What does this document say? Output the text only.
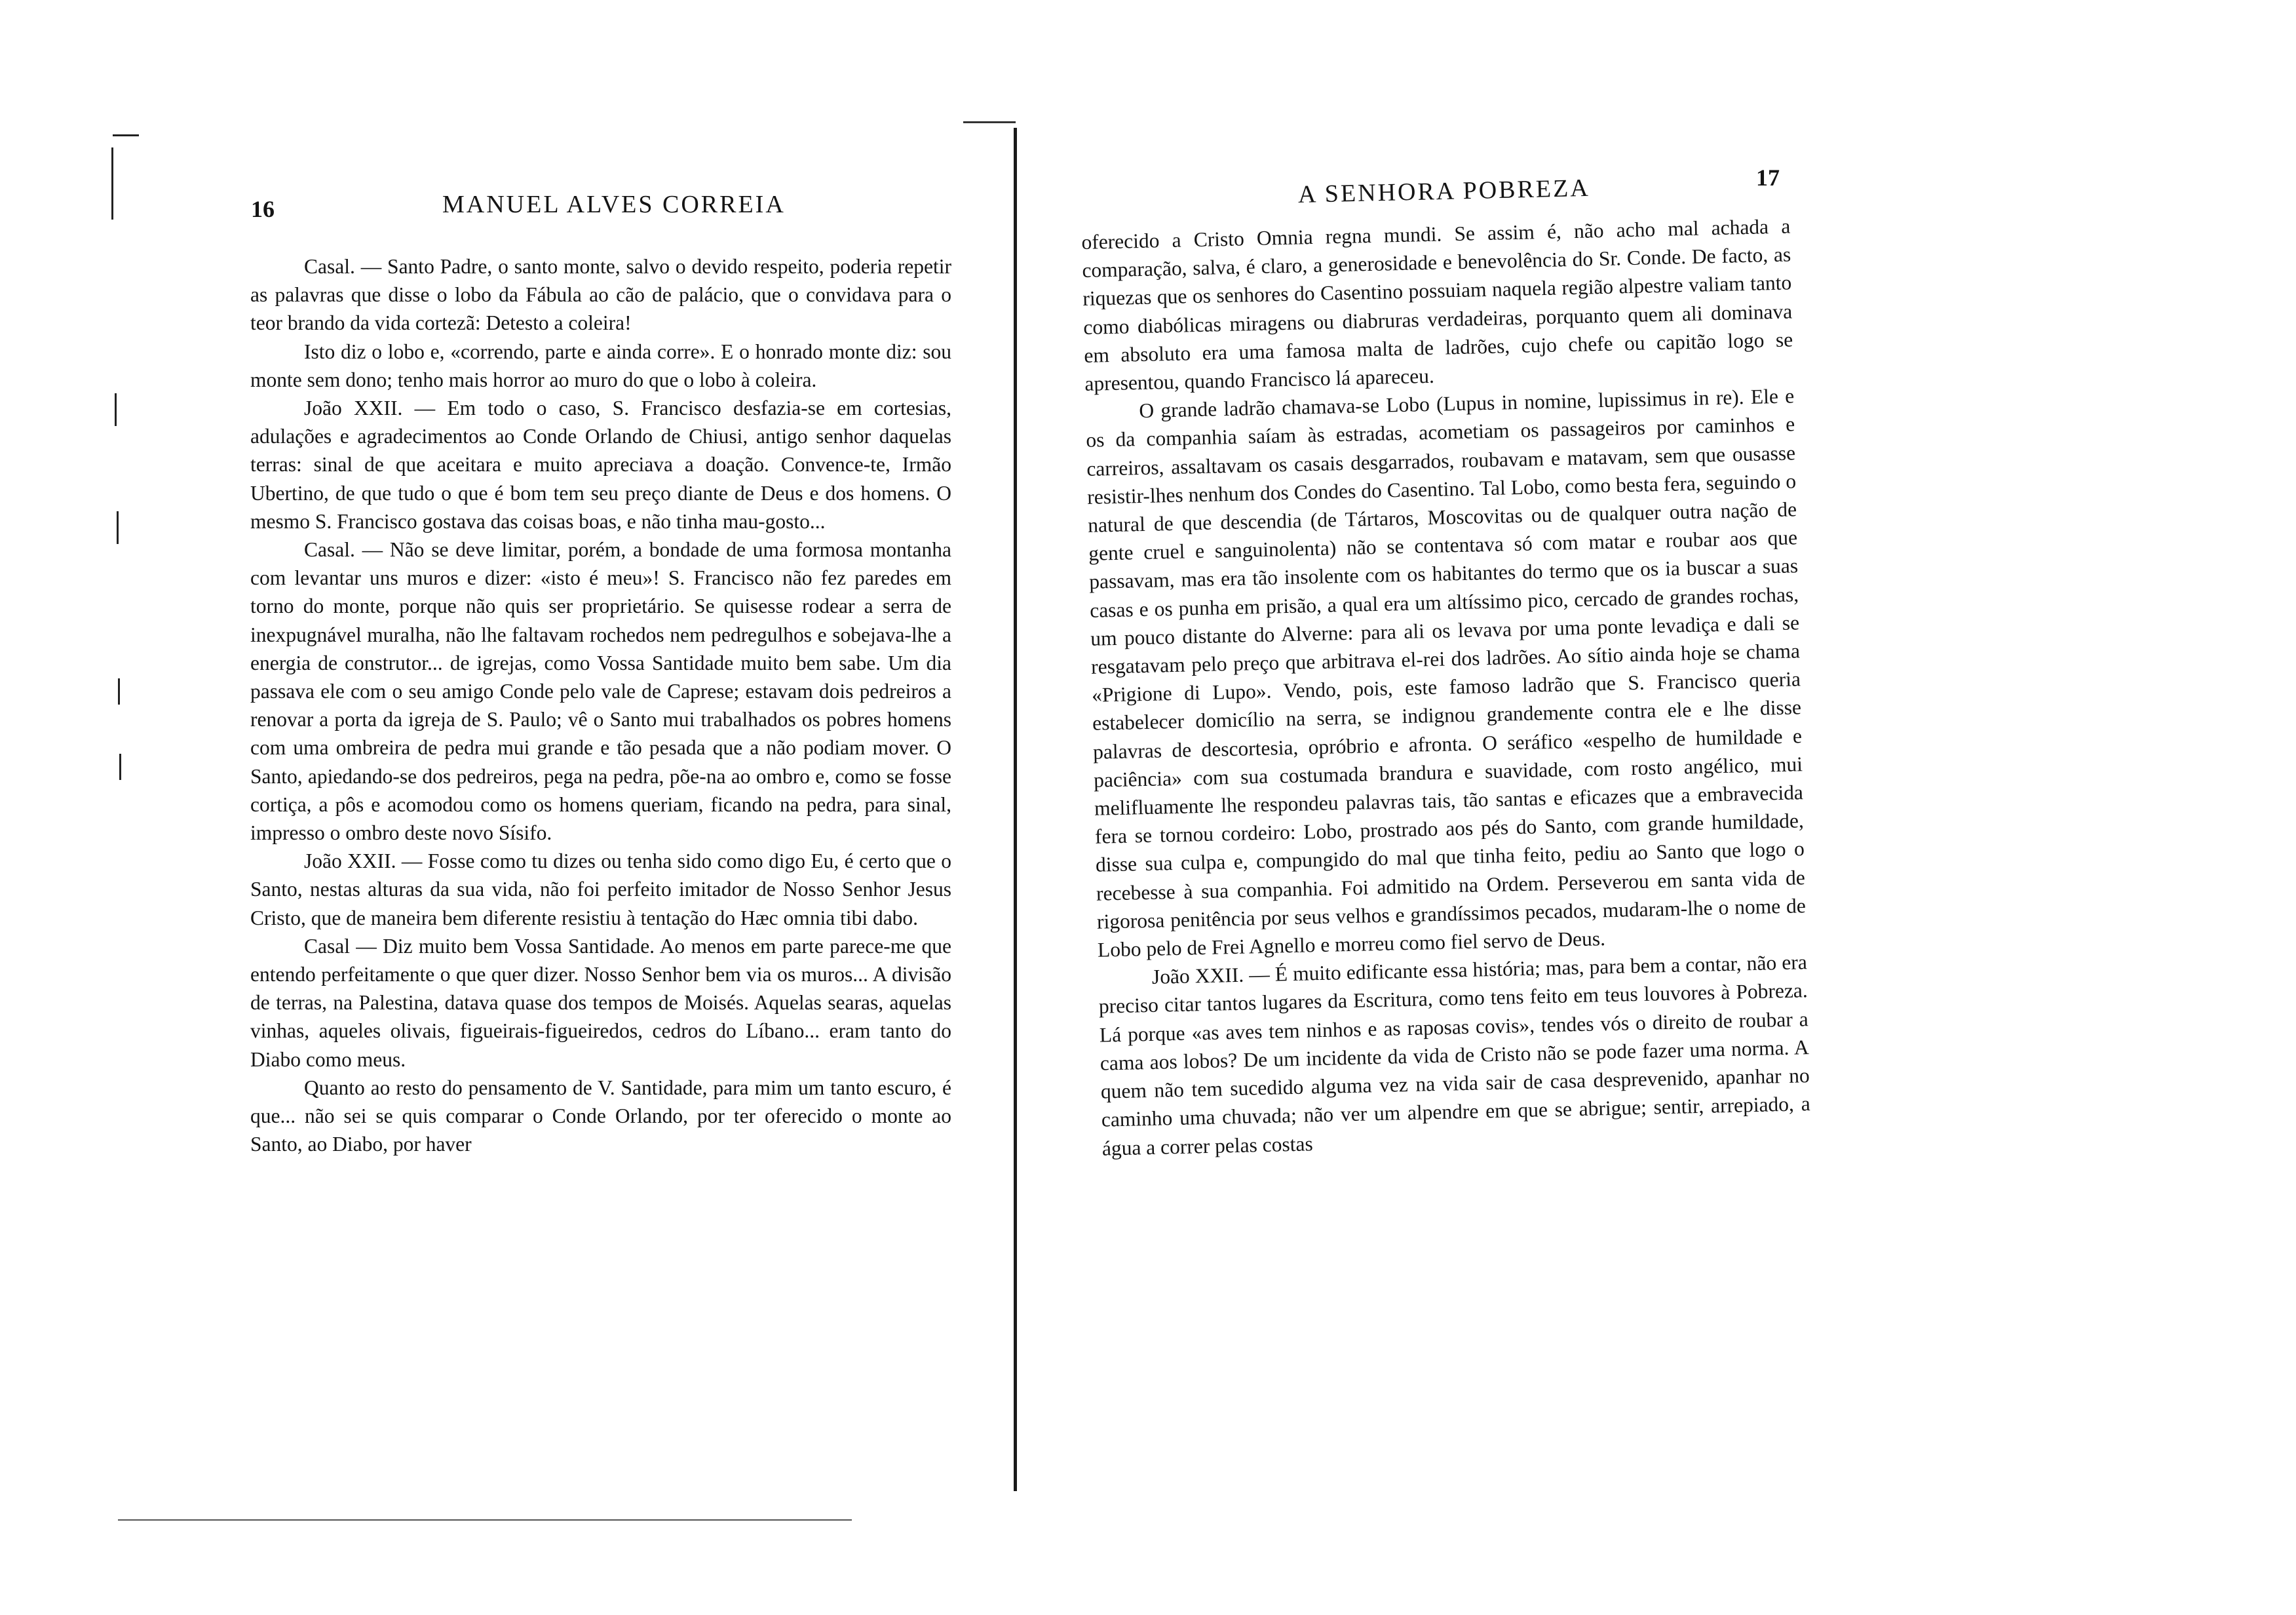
16	MANUEL ALVES CORREIA

Casal. — Santo Padre, o santo monte, salvo o devido respeito, poderia repetir as palavras que disse o lobo da Fábula ao cão de palácio, que o convidava para o teor brando da vida cortezã: Detesto a coleira!

Isto diz o lobo e, «correndo, parte e ainda corre». E o honrado monte diz: sou monte sem dono; tenho mais horror ao muro do que o lobo à coleira.

João XXII. — Em todo o caso, S. Francisco desfazia-se em cortesias, adulações e agradecimentos ao Conde Orlando de Chiusi, antigo senhor daquelas terras: sinal de que aceitara e muito apreciava a doação. Convence-te, Irmão Ubertino, de que tudo o que é bom tem seu preço diante de Deus e dos homens. O mesmo S. Francisco gostava das coisas boas, e não tinha mau-gosto...

Casal. — Não se deve limitar, porém, a bondade de uma formosa montanha com levantar uns muros e dizer: «isto é meu»! S. Francisco não fez paredes em torno do monte, porque não quis ser proprietário. Se quisesse rodear a serra de inexpugnável muralha, não lhe faltavam rochedos nem pedregulhos e sobejava-lhe a energia de construtor... de igrejas, como Vossa Santidade muito bem sabe. Um dia passava ele com o seu amigo Conde pelo vale de Caprese; estavam dois pedreiros a renovar a porta da igreja de S. Paulo; vê o Santo mui trabalhados os pobres homens com uma ombreira de pedra mui grande e tão pesada que a não podiam mover. O Santo, apiedando-se dos pedreiros, pega na pedra, põe-na ao ombro e, como se fosse cortiça, a pôs e acomodou como os homens queriam, ficando na pedra, para sinal, impresso o ombro deste novo Sísifo.

João XXII. — Fosse como tu dizes ou tenha sido como digo Eu, é certo que o Santo, nestas alturas da sua vida, não foi perfeito imitador de Nosso Senhor Jesus Cristo, que de maneira bem diferente resistiu à tentação do Hæc omnia tibi dabo.

Casal — Diz muito bem Vossa Santidade. Ao menos em parte parece-me que entendo perfeitamente o que quer dizer. Nosso Senhor bem via os muros... A divisão de terras, na Palestina, datava quase dos tempos de Moisés. Aquelas searas, aquelas vinhas, aqueles olivais, figueirais-figueiredos, cedros do Líbano... eram tanto do Diabo como meus.

Quanto ao resto do pensamento de V. Santidade, para mim um tanto escuro, é que... não sei se quis comparar o Conde Orlando, por ter oferecido o monte ao Santo, ao Diabo, por haver

17
A SENHORA POBREZA

oferecido a Cristo Omnia regna mundi. Se assim é, não acho mal achada a comparação, salva, é claro, a generosidade e benevolência do Sr. Conde. De facto, as riquezas que os senhores do Casentino possuiam naquela região alpestre valiam tanto como diabólicas miragens ou diabruras verdadeiras, porquanto quem ali dominava em absoluto era uma famosa malta de ladrões, cujo chefe ou capitão logo se apresentou, quando Francisco lá apareceu.

O grande ladrão chamava-se Lobo (Lupus in nomine, lupissimus in re). Ele e os da companhia saíam às estradas, acometiam os passageiros por caminhos e carreiros, assaltavam os casais desgarrados, roubavam e matavam, sem que ousasse resistir-lhes nenhum dos Condes do Casentino. Tal Lobo, como besta fera, seguindo o natural de que descendia (de Tártaros, Moscovitas ou de qualquer outra nação de gente cruel e sanguinolenta) não se contentava só com matar e roubar aos que passavam, mas era tão insolente com os habitantes do termo que os ia buscar a suas casas e os punha em prisão, a qual era um altíssimo pico, cercado de grandes rochas, um pouco distante do Alverne: para ali os levava por uma ponte levadiça e dali se resgatavam pelo preço que arbitrava el-rei dos ladrões. Ao sítio ainda hoje se chama «Prigione di Lupo». Vendo, pois, este famoso ladrão que S. Francisco queria estabelecer domicílio na serra, se indignou grandemente contra ele e lhe disse palavras de descortesia, opróbrio e afronta. O seráfico «espelho de humildade e paciência» com sua costumada brandura e suavidade, com rosto angélico, mui melifluamente lhe respondeu palavras tais, tão santas e eficazes que a embravecida fera se tornou cordeiro: Lobo, prostrado aos pés do Santo, com grande humildade, disse sua culpa e, compungido do mal que tinha feito, pediu ao Santo que logo o recebesse à sua companhia. Foi admitido na Ordem. Perseverou em santa vida de rigorosa penitência por seus velhos e grandíssimos pecados, mudaram-lhe o nome de Lobo pelo de Frei Agnello e morreu como fiel servo de Deus.

João XXII. — É muito edificante essa história; mas, para bem a contar, não era preciso citar tantos lugares da Escritura, como tens feito em teus louvores à Pobreza. Lá porque «as aves tem ninhos e as raposas covis», tendes vós o direito de roubar a cama aos lobos? De um incidente da vida de Cristo não se pode fazer uma norma. A quem não tem sucedido alguma vez na vida sair de casa desprevenido, apanhar no caminho uma chuvada; não ver um alpendre em que se abrigue; sentir, arrepiado, a água a correr pelas costas
